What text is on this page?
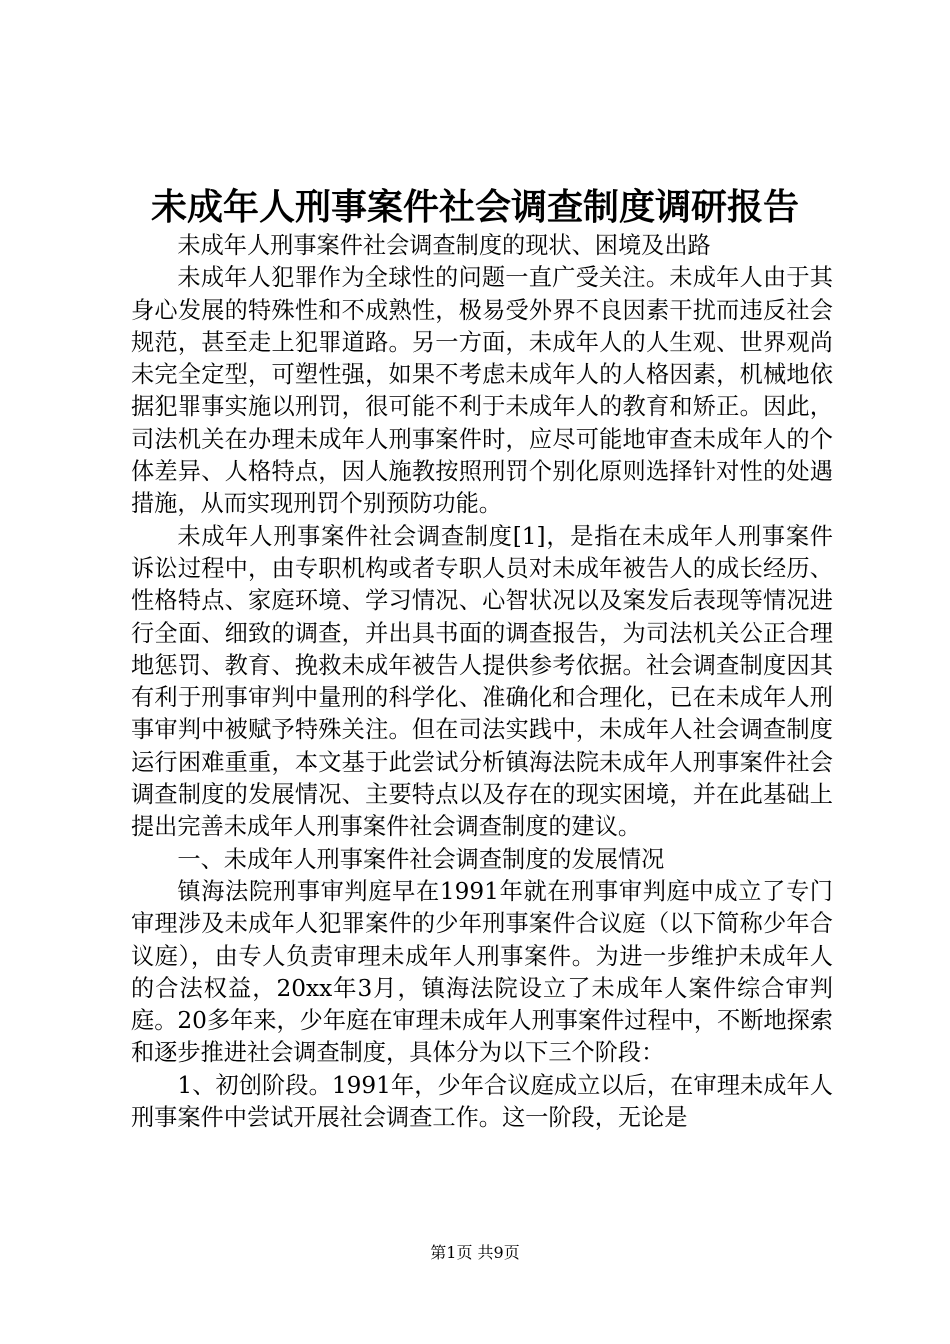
未成年人刑事案件社会调查制度调研报告

未成年人刑事案件社会调查制度的现状、困境及出路

未成年人犯罪作为全球性的问题一直广受关注。未成年人由于其身心发展的特殊性和不成熟性，极易受外界不良因素干扰而违反社会规范，甚至走上犯罪道路。另一方面，未成年人的人生观、世界观尚未完全定型，可塑性强，如果不考虑未成年人的人格因素，机械地依据犯罪事实施以刑罚，很可能不利于未成年人的教育和矫正。因此，司法机关在办理未成年人刑事案件时，应尽可能地审查未成年人的个体差异、人格特点，因人施教按照刑罚个别化原则选择针对性的处遇措施，从而实现刑罚个别预防功能。

未成年人刑事案件社会调查制度[1]，是指在未成年人刑事案件诉讼过程中，由专职机构或者专职人员对未成年被告人的成长经历、性格特点、家庭环境、学习情况、心智状况以及案发后表现等情况进行全面、细致的调查，并出具书面的调查报告，为司法机关公正合理地惩罚、教育、挽救未成年被告人提供参考依据。社会调查制度因其有利于刑事审判中量刑的科学化、准确化和合理化，已在未成年人刑事审判中被赋予特殊关注。但在司法实践中，未成年人社会调查制度运行困难重重，本文基于此尝试分析镇海法院未成年人刑事案件社会调查制度的发展情况、主要特点以及存在的现实困境，并在此基础上提出完善未成年人刑事案件社会调查制度的建议。

一、未成年人刑事案件社会调查制度的发展情况

镇海法院刑事审判庭早在1991年就在刑事审判庭中成立了专门审理涉及未成年人犯罪案件的少年刑事案件合议庭（以下简称少年合议庭），由专人负责审理未成年人刑事案件。为进一步维护未成年人的合法权益，20xx年3月，镇海法院设立了未成年人案件综合审判庭。20多年来，少年庭在审理未成年人刑事案件过程中，不断地探索和逐步推进社会调查制度，具体分为以下三个阶段：

1、初创阶段。1991年，少年合议庭成立以后，在审理未成年人刑事案件中尝试开展社会调查工作。这一阶段，无论是

第1页 共9页
